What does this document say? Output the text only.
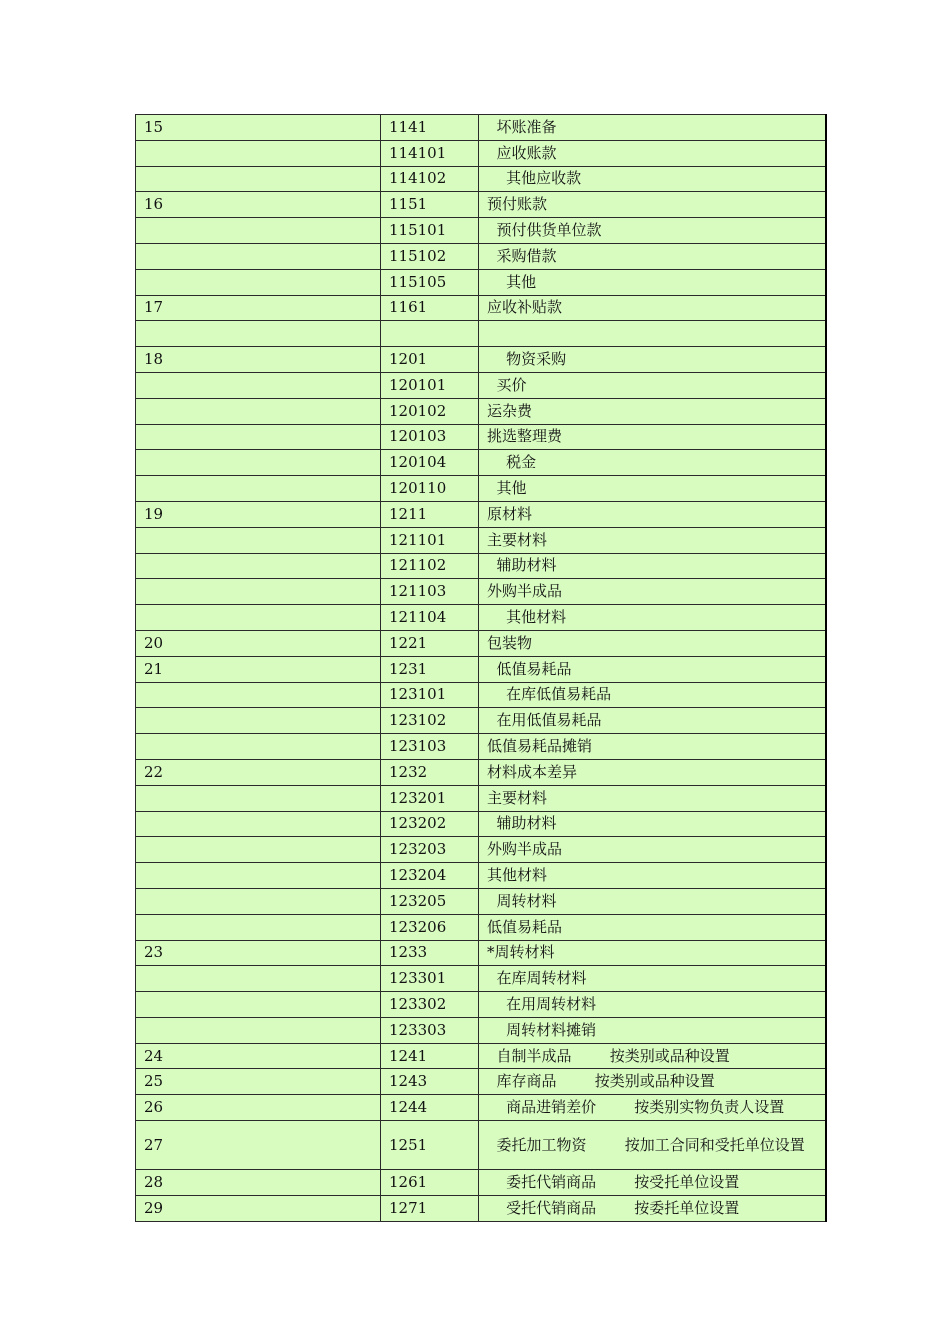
15	1141	坏账准备
	114101	应收账款
	114102	其他应收款
16	1151	预付账款
	115101	预付供货单位款
	115102	采购借款
	115105	其他
17	1161	应收补贴款

18	1201	物资采购
	120101	买价
	120102	运杂费
	120103	挑选整理费
	120104	税金
	120110	其他
19	1211	原材料
	121101	主要材料
	121102	辅助材料
	121103	外购半成品
	121104	其他材料
20	1221	包装物
21	1231	低值易耗品
	123101	在库低值易耗品
	123102	在用低值易耗品
	123103	低值易耗品摊销
22	1232	材料成本差异
	123201	主要材料
	123202	辅助材料
	123203	外购半成品
	123204	其他材料
	123205	周转材料
	123206	低值易耗品
23	1233	*周转材料
	123301	在库周转材料
	123302	在用周转材料
	123303	周转材料摊销
24	1241	自制半成品        按类别或品种设置
25	1243	库存商品        按类别或品种设置
26	1244	商品进销差价        按类别实物负责人设置
27	1251	委托加工物资        按加工合同和受托单位设置
28	1261	委托代销商品        按受托单位设置
29	1271	受托代销商品        按委托单位设置
